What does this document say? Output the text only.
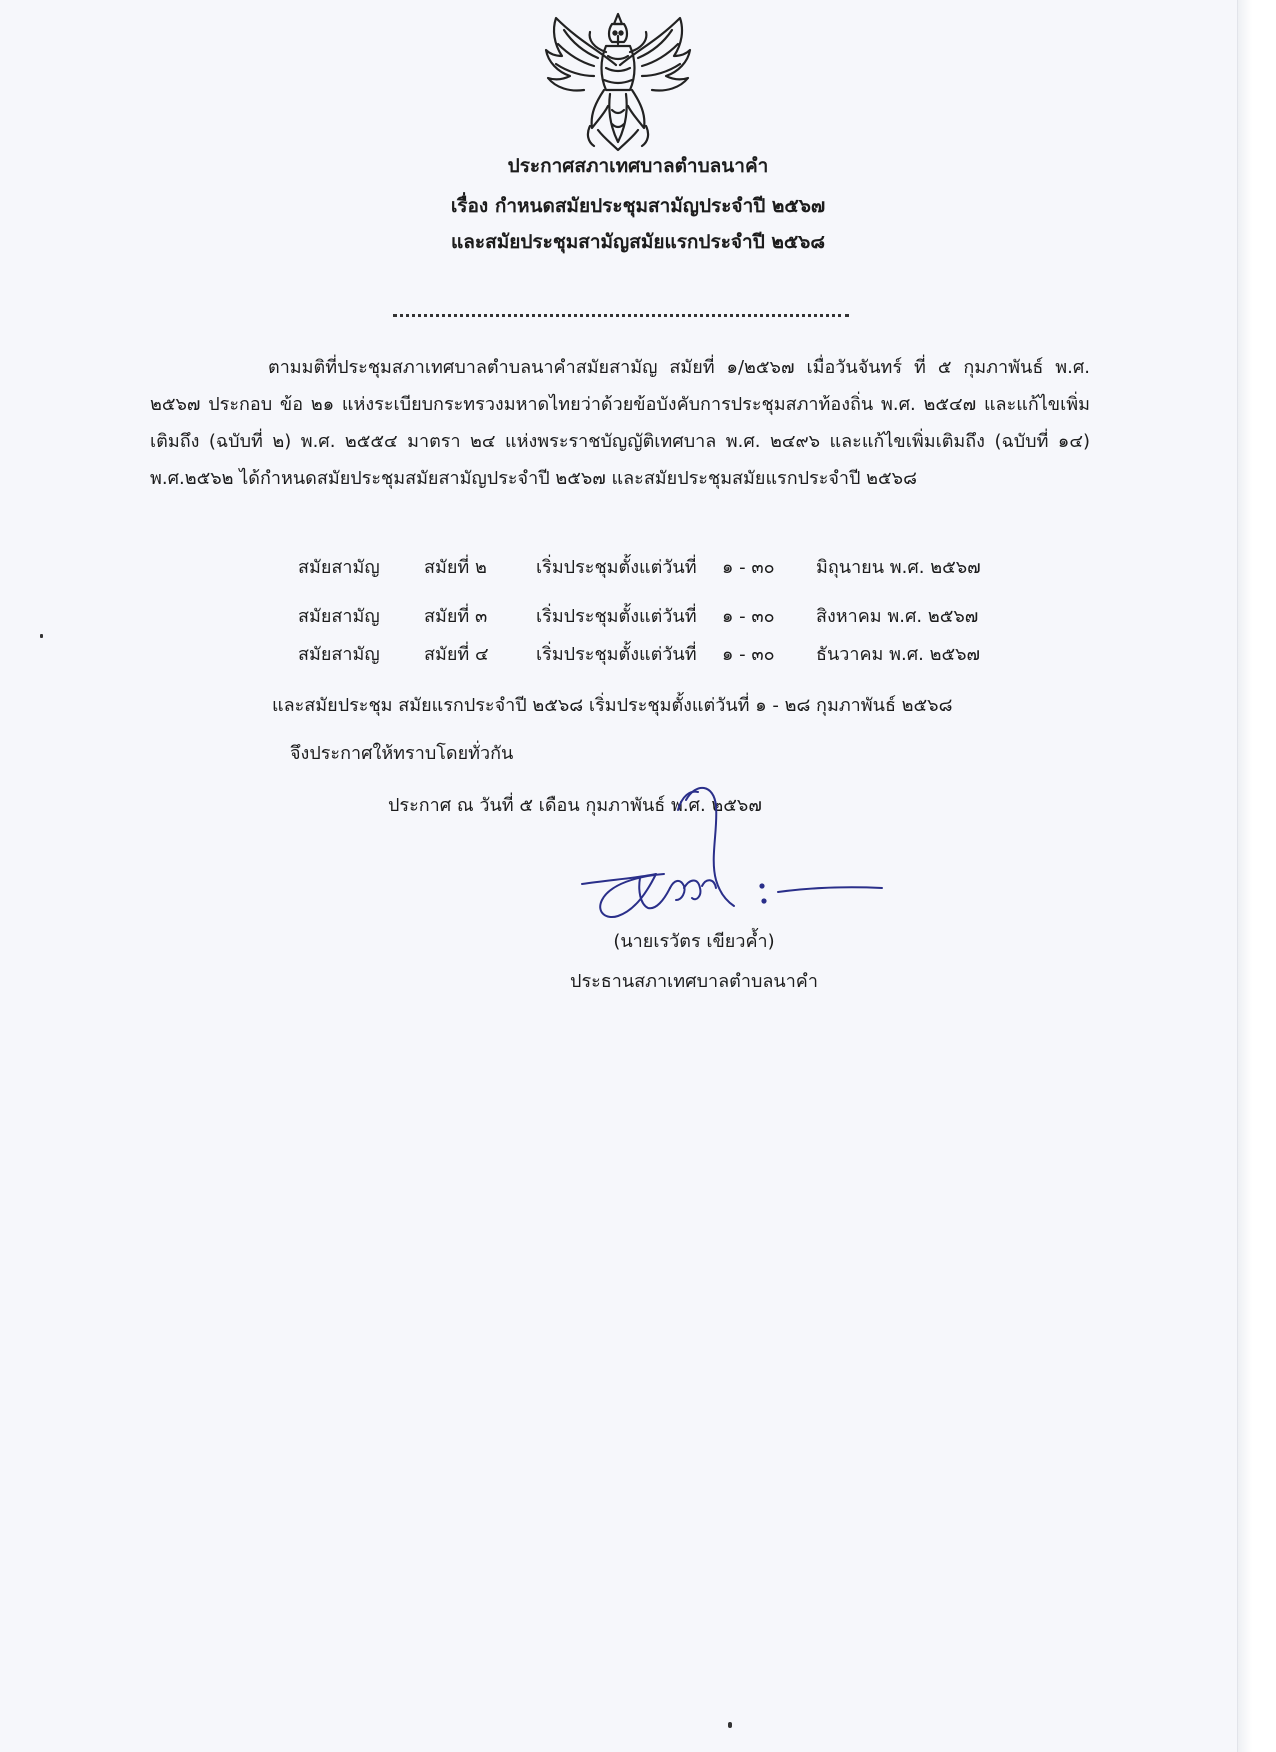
ประกาศสภาเทศบาลตำบลนาคำ
เรื่อง กำหนดสมัยประชุมสามัญประจำปี ๒๕๖๗
และสมัยประชุมสามัญสมัยแรกประจำปี ๒๕๖๘

ตามมติที่ประชุมสภาเทศบาลตำบลนาคำสมัยสามัญ สมัยที่ ๑/๒๕๖๗ เมื่อวันจันทร์ ที่ ๕ กุมภาพันธ์ พ.ศ. ๒๕๖๗ ประกอบ ข้อ ๒๑ แห่งระเบียบกระทรวงมหาดไทยว่าด้วยข้อบังคับการประชุมสภาท้องถิ่น พ.ศ. ๒๕๔๗ และแก้ไขเพิ่มเติมถึง (ฉบับที่ ๒) พ.ศ. ๒๕๕๔ มาตรา ๒๔ แห่งพระราชบัญญัติเทศบาล พ.ศ. ๒๔๙๖ และแก้ไขเพิ่มเติมถึง (ฉบับที่ ๑๔) พ.ศ.๒๕๖๒ ได้กำหนดสมัยประชุมสมัยสามัญประจำปี ๒๕๖๗ และสมัยประชุมสมัยแรกประจำปี ๒๕๖๘

สมัยสามัญ สมัยที่ ๒	เริ่มประชุมตั้งแต่วันที่ ๑ - ๓๐ มิถุนายน พ.ศ. ๒๕๖๗
สมัยสามัญ สมัยที่ ๓	เริ่มประชุมตั้งแต่วันที่ ๑ - ๓๐ สิงหาคม พ.ศ. ๒๕๖๗
สมัยสามัญ สมัยที่ ๔	เริ่มประชุมตั้งแต่วันที่ ๑ - ๓๐ ธันวาคม พ.ศ. ๒๕๖๗
และสมัยประชุม สมัยแรกประจำปี ๒๕๖๘ เริ่มประชุมตั้งแต่วันที่ ๑ - ๒๘ กุมภาพันธ์ ๒๕๖๘
จึงประกาศให้ทราบโดยทั่วกัน
ประกาศ ณ วันที่ ๕ เดือน กุมภาพันธ์ พ.ศ. ๒๕๖๗
(นายเรวัตร เขียวค้ำ)
ประธานสภาเทศบาลตำบลนาคำ
